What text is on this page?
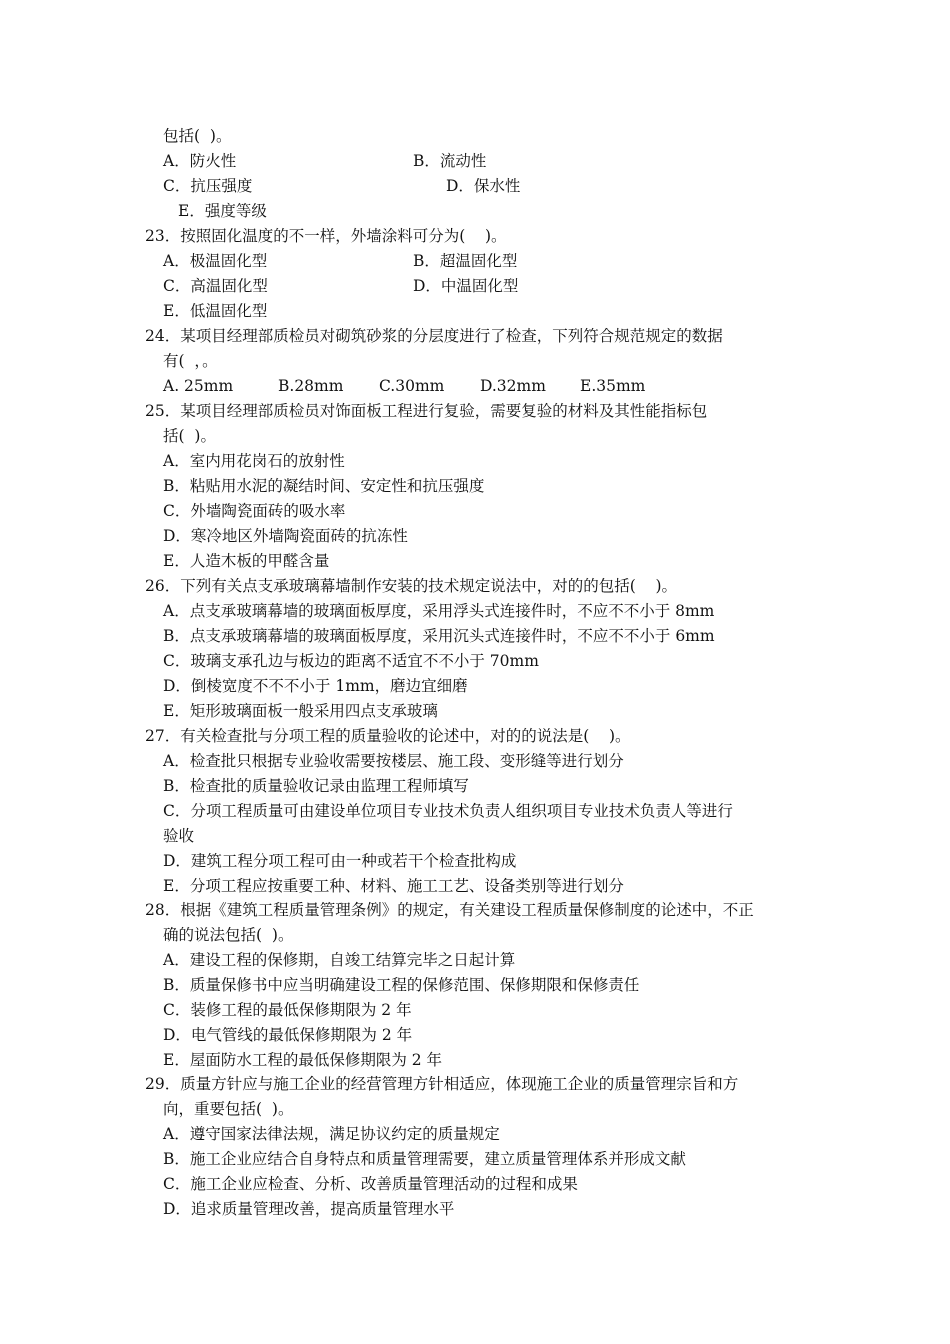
包括(  )。
A．防火性	B．流动性
C．抗压强度	D．保水性
E．强度等级
23．按照固化温度的不一样，外墙涂料可分为(    )。
A．极温固化型	B．超温固化型
C．高温固化型	D．中温固化型
E．低温固化型
24．某项目经理部质检员对砌筑砂浆的分层度进行了检查，下列符合规范规定的数据
有(  ，。
A. 25mm	B.28mm C.30mm D.32mm E.35mm
25．某项目经理部质检员对饰面板工程进行复验，需要复验的材料及其性能指标包
括(  )。
A．室内用花岗石的放射性
B．粘贴用水泥的凝结时间、安定性和抗压强度
C．外墙陶瓷面砖的吸水率
D．寒冷地区外墙陶瓷面砖的抗冻性
E．人造木板的甲醛含量
26．下列有关点支承玻璃幕墙制作安装的技术规定说法中，对的的包括(    )。
A．点支承玻璃幕墙的玻璃面板厚度，采用浮头式连接件时，不应不不小于 8mm
B．点支承玻璃幕墙的玻璃面板厚度，采用沉头式连接件时，不应不不小于 6mm
C．玻璃支承孔边与板边的距离不适宜不不小于 70mm
D．倒棱宽度不不不小于 1mm，磨边宜细磨
E．矩形玻璃面板一般采用四点支承玻璃
27．有关检查批与分项工程的质量验收的论述中，对的的说法是(    )。
A．检查批只根据专业验收需要按楼层、施工段、变形缝等进行划分
B．检查批的质量验收记录由监理工程师填写
C．分项工程质量可由建设单位项目专业技术负责人组织项目专业技术负责人等进行
验收
D．建筑工程分项工程可由一种或若干个检查批构成
E．分项工程应按重要工种、材料、施工工艺、设备类别等进行划分
28．根据《建筑工程质量管理条例》的规定，有关建设工程质量保修制度的论述中，不正
确的说法包括(  )。
A．建设工程的保修期，自竣工结算完毕之日起计算
B．质量保修书中应当明确建设工程的保修范围、保修期限和保修责任
C．装修工程的最低保修期限为 2 年
D．电气管线的最低保修期限为 2 年
E．屋面防水工程的最低保修期限为 2 年
29．质量方针应与施工企业的经营管理方针相适应，体现施工企业的质量管理宗旨和方
向，重要包括(  )。
A．遵守国家法律法规，满足协议约定的质量规定
B．施工企业应结合自身特点和质量管理需要，建立质量管理体系并形成文献
C．施工企业应检查、分析、改善质量管理活动的过程和成果
D．追求质量管理改善，提高质量管理水平
